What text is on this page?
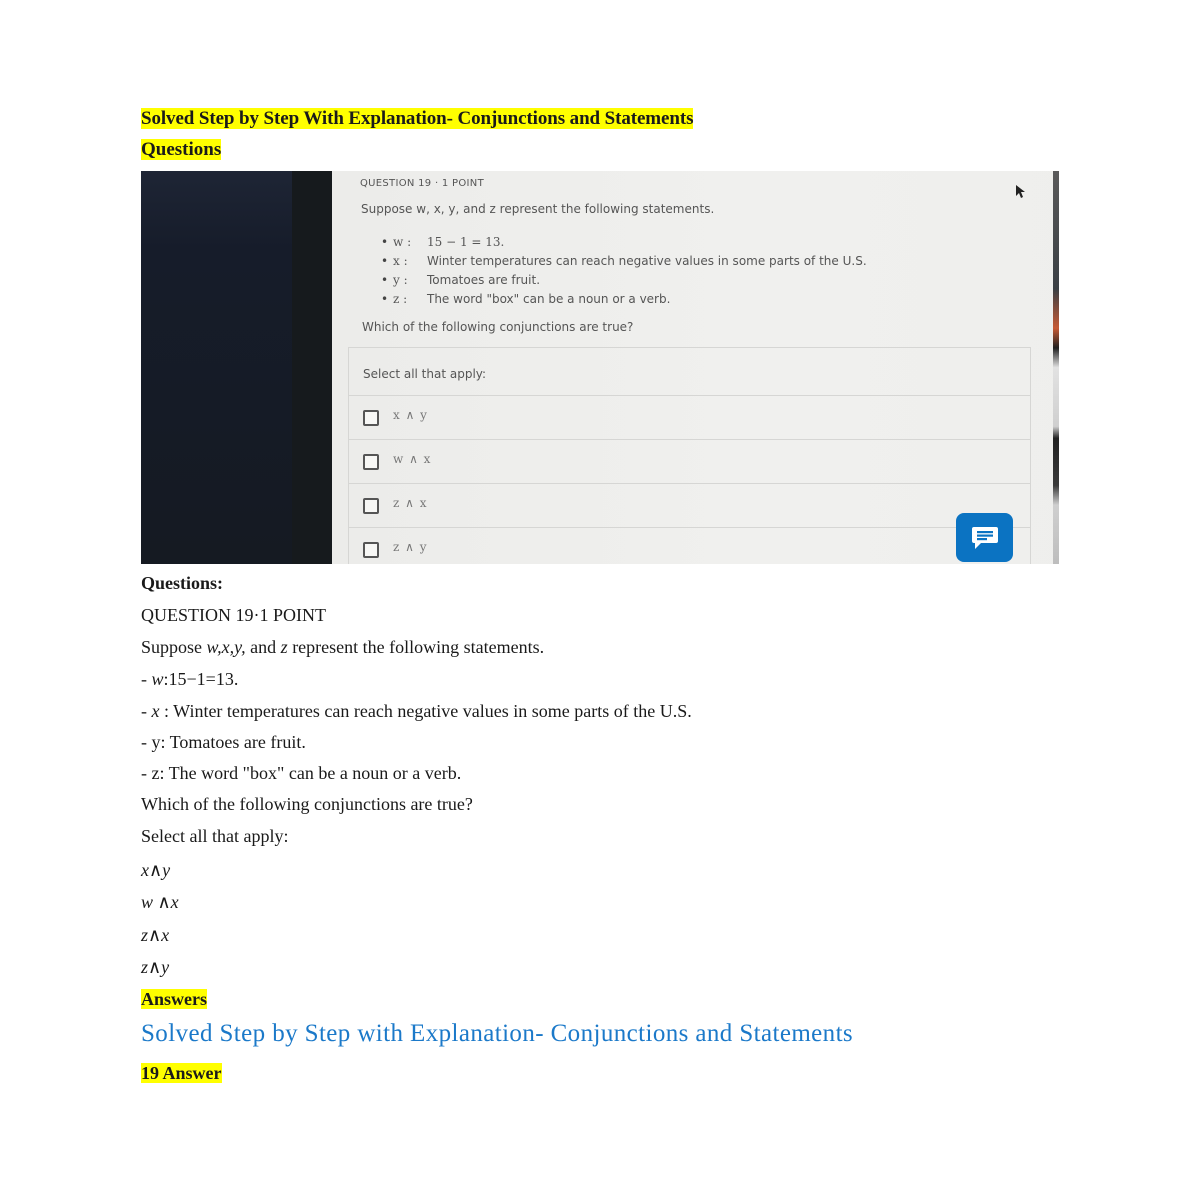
Solved Step by Step With Explanation- Conjunctions and Statements
Questions
QUESTION 19 · 1 POINT
Suppose w, x, y, and z represent the following statements.
• w : 15 − 1 = 13.
• x : Winter temperatures can reach negative values in some parts of the U.S.
• y : Tomatoes are fruit.
• z : The word "box" can be a noun or a verb.
Which of the following conjunctions are true?
Select all that apply:
x ∧ y
w ∧ x
z ∧ x
z ∧ y
Questions:
QUESTION 19·1 POINT
Suppose w,x,y, and z represent the following statements.
- w:15−1=13.
- x : Winter temperatures can reach negative values in some parts of the U.S.
- y: Tomatoes are fruit.
- z: The word "box" can be a noun or a verb.
Which of the following conjunctions are true?
Select all that apply:
x∧y
w ∧x
z∧x
z∧y
Answers
Solved Step by Step with Explanation- Conjunctions and Statements
19 Answer
